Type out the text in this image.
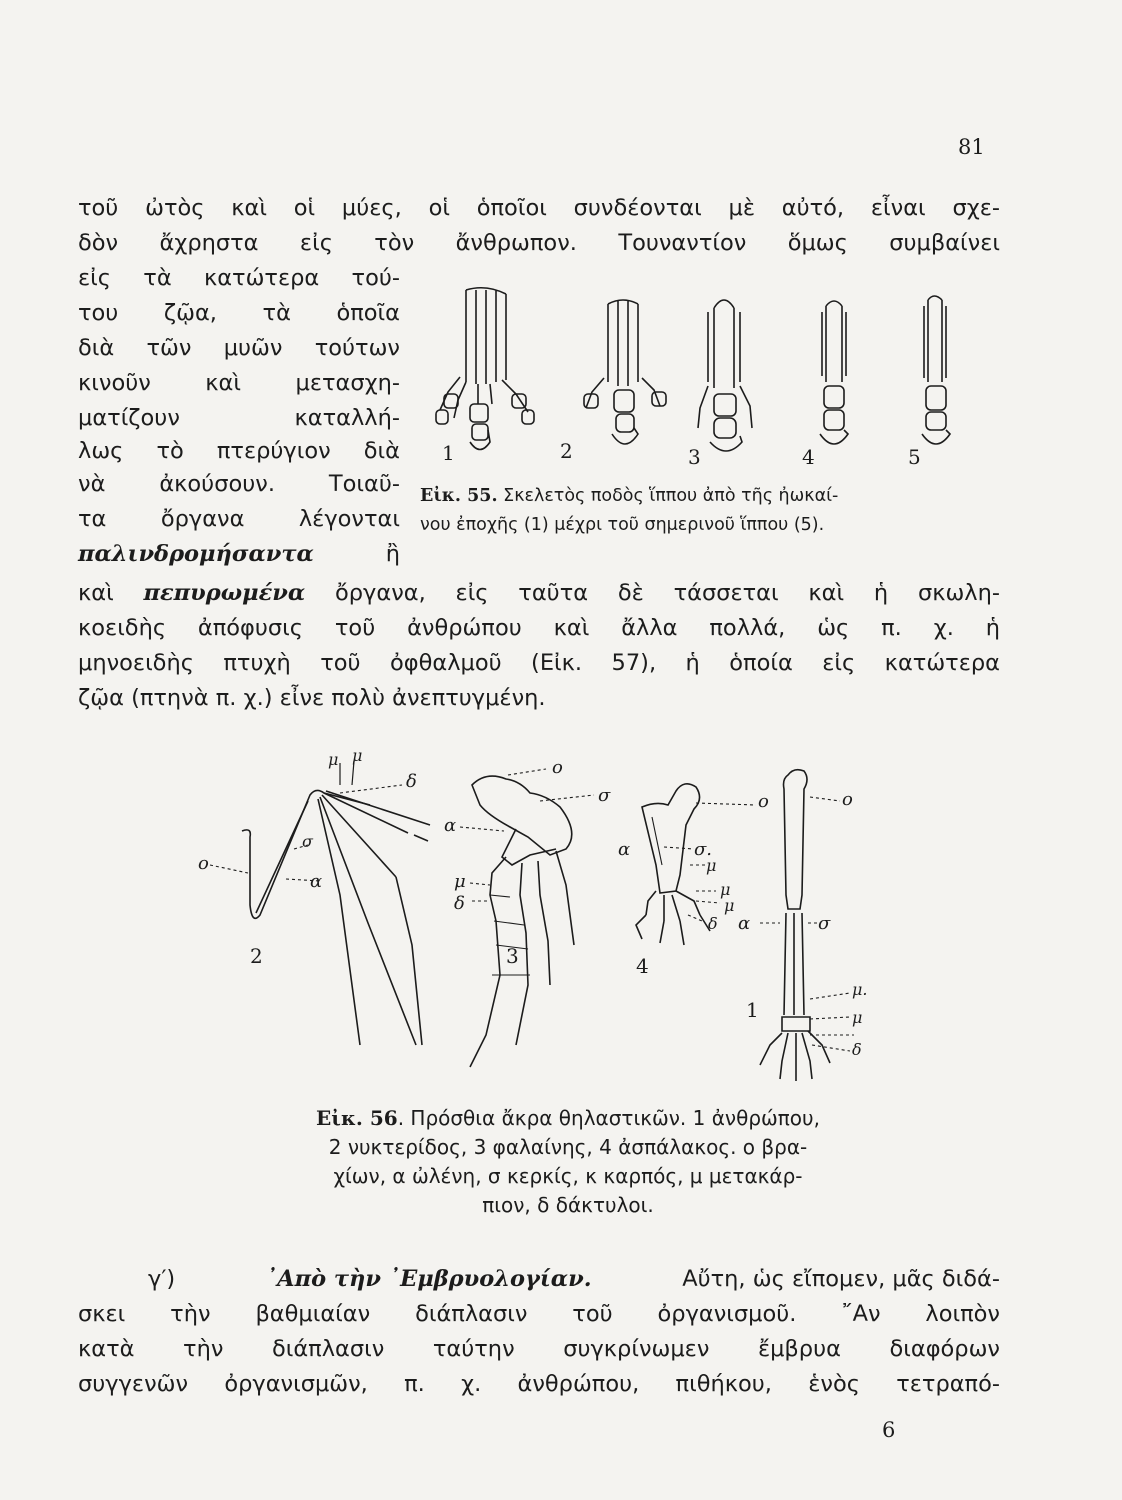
81
τοῦ ὠτὸς καὶ οἱ μύες, οἱ ὁποῖοι συνδέονται μὲ αὐτό, εἶναι σχε-
δὸν ἄχρηστα εἰς τὸν ἄνθρωπον. Τουναντίον ὅμως συμβαίνει
εἰς τὰ κατώτερα τού-
του ζῷα, τὰ ὁποῖα
διὰ τῶν μυῶν τούτων
κινοῦν καὶ μετασχη-
ματίζουν καταλλή-
λως τὸ πτερύγιον διὰ
νὰ ἀκούσουν. Τοιαῦ-
τα ὄργανα λέγονται
παλινδρομήσαντα	ἢ
1	2	3	4	5
Εἰκ. 55. Σκελετὸς ποδὸς ἵππου ἀπὸ τῆς ἠωκαί-
νου ἐποχῆς (1) μέχρι τοῦ σημερινοῦ ἵππου (5).
καὶ πεπυρωμένα ὄργανα, εἰς ταῦτα δὲ τάσσεται καὶ ἡ σκωλη-
κοειδὴς ἀπόφυσις τοῦ ἀνθρώπου καὶ ἄλλα πολλά, ὡς π. χ. ἡ
μηνοειδὴς πτυχὴ τοῦ ὀφθαλμοῦ (Εἰκ. 57), ἡ ὁποία εἰς κατώτερα
ζῷα (πτηνὰ π. χ.) εἶνε πολὺ ἀνεπτυγμένη.
ο
σ
α
μ μ
δ
2
ο
σ
α
μ
δ
3
ο
α	σ.
μ
μ
μ
δ
4
α	σ
ο
μ.
μ
δ
1
Εἰκ. 56. Πρόσθια ἄκρα θηλαστικῶν. 1 ἀνθρώπου,
2 νυκτερίδος, 3 φαλαίνης, 4 ἀσπάλακος. ο βρα-
χίων, α ὠλένη, σ κερκίς, κ καρπός, μ μετακάρ-
πιον, δ δάκτυλοι.
γ′)	᾿Απὸ τὴν ᾿Εμβρυολογίαν.	Αὔτη, ὡς εἴπομεν, μᾶς διδά-
σκει τὴν βαθμιαίαν διάπλασιν τοῦ ὀργανισμοῦ. ῎Αν λοιπὸν
κατὰ τὴν διάπλασιν ταύτην συγκρίνωμεν ἔμβρυα διαφόρων
συγγενῶν ὀργανισμῶν, π. χ. ἀνθρώπου, πιθήκου, ἑνὸς τετραπό-
6
